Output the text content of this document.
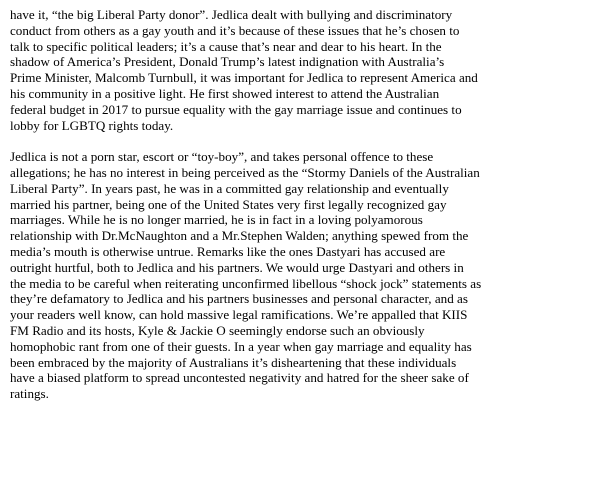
have it, “the big Liberal Party donor”. Jedlica dealt with bullying and discriminatory
conduct from others as a gay youth and it’s because of these issues that he’s chosen to
talk to specific political leaders; it’s a cause that’s near and dear to his heart. In the
shadow of America’s President, Donald Trump’s latest indignation with Australia’s
Prime Minister, Malcomb Turnbull, it was important for Jedlica to represent America and
his community in a positive light. He first showed interest to attend the Australian
federal budget in 2017 to pursue equality with the gay marriage issue and continues to
lobby for LGBTQ rights today.
Jedlica is not a porn star, escort or “toy-boy”, and takes personal offence to these
allegations; he has no interest in being perceived as the “Stormy Daniels of the Australian
Liberal Party”. In years past, he was in a committed gay relationship and eventually
married his partner, being one of the United States very first legally recognized gay
marriages. While he is no longer married, he is in fact in a loving polyamorous
relationship with Dr.McNaughton and a Mr.Stephen Walden; anything spewed from the
media’s mouth is otherwise untrue. Remarks like the ones Dastyari has accused are
outright hurtful, both to Jedlica and his partners. We would urge Dastyari and others in
the media to be careful when reiterating unconfirmed libellous “shock jock” statements as
they’re defamatory to Jedlica and his partners businesses and personal character, and as
your readers well know, can hold massive legal ramifications. We’re appalled that KIIS
FM Radio and its hosts, Kyle & Jackie O seemingly endorse such an obviously
homophobic rant from one of their guests. In a year when gay marriage and equality has
been embraced by the majority of Australians it’s disheartening that these individuals
have a biased platform to spread uncontested negativity and hatred for the sheer sake of
ratings.
